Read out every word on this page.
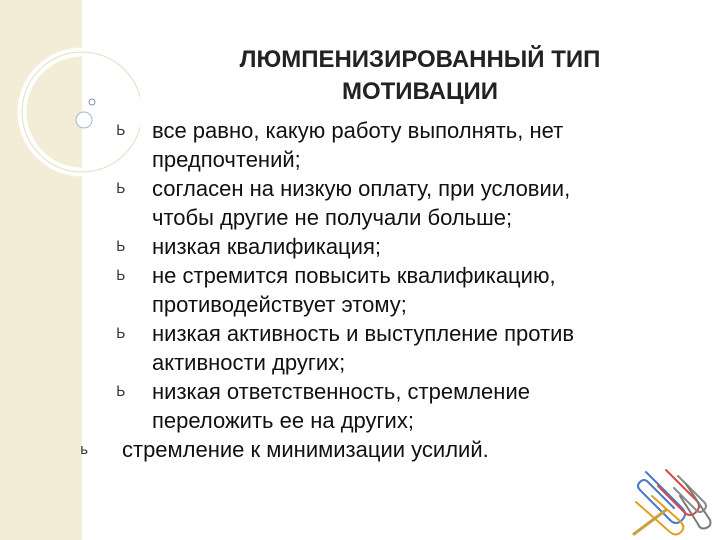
ЛЮМПЕНИЗИРОВАННЫЙ ТИП
МОТИВАЦИИ
Ь все равно, какую работу выполнять, нет
предпочтений;
Ь согласен на низкую оплату, при условии,
чтобы другие не получали больше;
Ь низкая квалификация;
Ь не стремится повысить квалификацию,
противодействует этому;
Ь низкая активность и выступление против
активности других;
Ь низкая ответственность, стремление
переложить ее на других;
ь стремление к минимизации усилий.
